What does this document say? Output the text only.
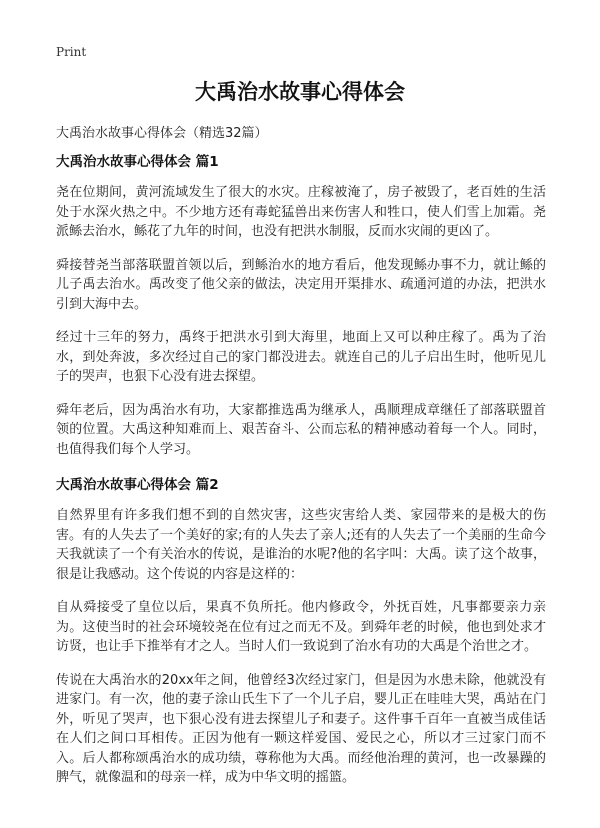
Print
大禹治水故事心得体会
大禹治水故事心得体会（精选32篇）
大禹治水故事心得体会 篇1

尧在位期间，黄河流域发生了很大的水灾。庄稼被淹了，房子被毁了，老百姓的生活处于水深火热之中。不少地方还有毒蛇猛兽出来伤害人和牲口，使人们雪上加霜。尧派鲧去治水，鲧花了九年的时间，也没有把洪水制服，反而水灾闹的更凶了。

舜接替尧当部落联盟首领以后，到鲧治水的地方看后，他发现鲧办事不力，就让鲧的儿子禹去治水。禹改变了他父亲的做法，决定用开渠排水、疏通河道的办法，把洪水引到大海中去。

经过十三年的努力，禹终于把洪水引到大海里，地面上又可以种庄稼了。禹为了治水，到处奔波，多次经过自己的家门都没进去。就连自己的儿子启出生时，他听见儿子的哭声，也狠下心没有进去探望。

舜年老后，因为禹治水有功，大家都推选禹为继承人，禹顺理成章继任了部落联盟首领的位置。大禹这种知难而上、艰苦奋斗、公而忘私的精神感动着每一个人。同时，也值得我们每个人学习。

大禹治水故事心得体会 篇2

自然界里有许多我们想不到的自然灾害，这些灾害给人类、家园带来的是极大的伤害。有的人失去了一个美好的家;有的人失去了亲人;还有的人失去了一个美丽的生命今天我就读了一个有关治水的传说，是谁治的水呢?他的名字叫：大禹。读了这个故事，很是让我感动。这个传说的内容是这样的：

自从舜接受了皇位以后，果真不负所托。他内修政令，外抚百姓，凡事都要亲力亲为。这使当时的社会环境较尧在位有过之而无不及。到舜年老的时候，他也到处求才访贤，也让手下推举有才之人。当时人们一致说到了治水有功的大禹是个治世之才。

传说在大禹治水的20xx年之间，他曾经3次经过家门，但是因为水患未除，他就没有进家门。有一次，他的妻子涂山氏生下了一个儿子启，婴儿正在哇哇大哭，禹站在门外，听见了哭声，也下狠心没有进去探望儿子和妻子。这件事千百年一直被当成佳话在人们之间口耳相传。正因为他有一颗这样爱国、爱民之心，所以才三过家门而不入。后人都称颂禹治水的成功绩，尊称他为大禹。而经他治理的黄河，也一改暴躁的脾气，就像温和的母亲一样，成为中华文明的摇篮。
